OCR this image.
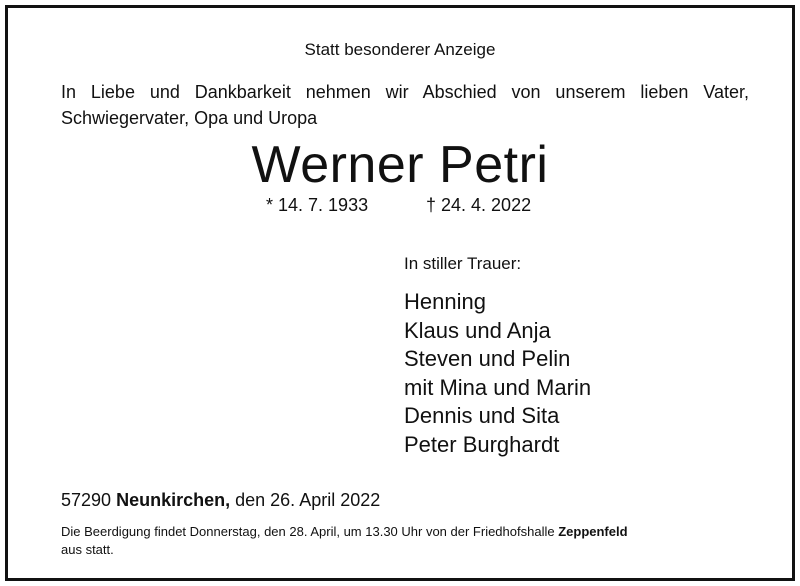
Statt besonderer Anzeige
In Liebe und Dankbarkeit nehmen wir Abschied von unserem lieben Vater,
Schwiegervater, Opa und Uropa
Werner Petri
* 14. 7. 1933	† 24. 4. 2022
In stiller Trauer:
Henning
Klaus und Anja
Steven und Pelin
mit Mina und Marin
Dennis und Sita
Peter Burghardt
57290 Neunkirchen, den 26. April 2022
Die Beerdigung findet Donnerstag, den 28. April, um 13.30 Uhr von der Friedhofshalle Zeppenfeld
aus statt.
